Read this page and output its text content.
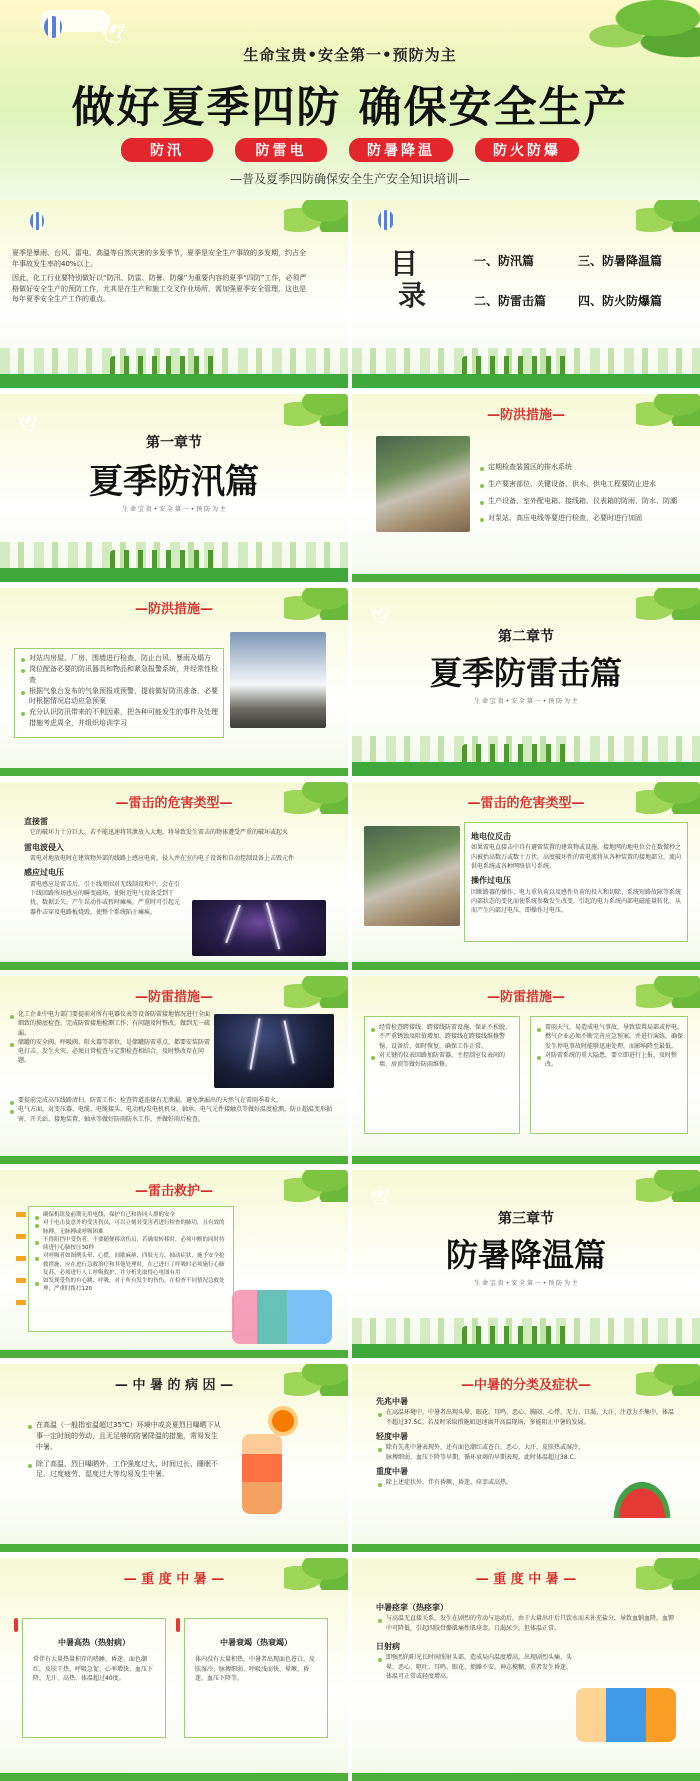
🕊
生命宝贵•安全第一•预防为主
做好夏季四防 确保安全生产
防汛	防雷电	防暑降温	防火防爆
—普及夏季四防确保安全生产安全知识培训—

夏季是暴雨、台风、雷电、高温等自然灾害的多发季节，夏季是安全生产事故的多发期，约占全年事故发生率的40%以上。

因此，化工行业要特别做好以“防汛、防雷、防暑、防爆”为重要内容的夏季“四防”工作，必须严格做好安全生产的预防工作，尤其是在生产和施工交叉作业场所，需加强夏季安全管理，这也是每年夏季安全生产工作的重点。

目
录
一、防汛篇	三、防暑降温篇
二、防雷击篇	四、防火防爆篇
🕊
第一章节
夏季防汛篇
生 命 宝 贵 • 安 全 第 一 • 预 防 为 主
—防洪措施—
定期检查装置区的排水系统
生产要害部位、关键设备、供水、供电工程要防止进水
生产设备、室外配电箱、接线箱、仪表箱的防雨、防水、防潮
对泵站、高压电线等要进行检查，必要时进行加固
—防洪措施—
对站内房屋、厂房、围墙进行检查，防止台风、暴雨及塌方
岗位配备必要的防汛器具和物品和紧急报警系统，并经常性检查
根据气象台发布的气象预报或预警，提前做好防汛准备，必要时根据情况启动应急预案
充分认识防汛带来的不利因素，把各种可能发生的事件及处理措施考虑周全，并组织培训学习
🕊
第二章节
夏季防雷击篇
生 命 宝 贵 • 安 全 第 一 • 预 防 为 主
—雷击的危害类型—
直接雷
它的破坏力十分巨大，若不能迅速将其泄放入大地，将导致发生雷击的物体遭受严重的破坏或起火
雷电波侵入
雷电对地放电时在建筑物外部的线路上感应电荷，侵入并在室内电子设备和自动控制设备上击毁元件
感应过电压
雷电感应是雷击后，引下线周围对无线制设和中，会在引下线回路所场感应的瞬变磁场，使附近电气设备受到干扰、数据丢失，产生误动作或暂时瘫痪，严重时可引起元器件击穿及电路板烧毁，使整个系统陷于瘫痪。
—雷击的危害类型—
地电位反击
如果雷电直接击中具有避雷装置的建筑物或设施，接地网的地电位会在数微秒之内被抬高数万或数十万伏，高度破坏性的雷电流将从各种装置的接地部分，流向供电系统或各种网络信号系统。
操作过电压
因断路器的操作、电力重负荷以及感性负荷的投入和切除、系统短路故障等系统内部状态的变化而使系统参数发生改变，引起的电力系统内部电磁能量转化，从而产生内部过电压，即操作过电压。
—防雷措施—
化工企业中电力部门要提前对所有电器仪表等设备防雷接地情况进行全面细致的摸底检查，完成防雷接地检测工作；有问题及时整改，做到无一疏漏。
储罐的安全阀、呼吸阀、阻火器等部位，是储罐防雷重点，都要安装防雷电打击、发生火灾，必须日常检查与定期检查相结合，及时整改存在问题。
要提前完成高压线路清扫、防雷工作；检查管道连接有无泄漏，避免泄漏出的天然气在雷雨季着火。
电气方面，对变压器、电缆、电缆接头、电动机/发电机机身、轴承、电气元件接触点等做好温度检测，防止超温变形损害、开关站、接地装置、轴承等做好防雨防水工作，并做好雨后检查。
—防雷措施—
经常检查跨接线、跨接线防雷设施，保证不松脱、不严重锈蚀及阻值增加，跨接线在跨接线维修警惕、设备后、如时恢复，确保工作正常。
对关键的仪表回路加防雷器，主控制室仪表间的墙、房顶等做好防雨维修。
雷雨天气，易造成电气事故，导致装置局部或停电，燃气企业必须不断完善应急预案，并进行演练，确保发生停电事故时能够迅速处理，而影响降至最低。
对防雷系统的重大隐患，要立即进行上报，及时整改。
—雷击救护—
确保机组及前期无用电线，保护自己和协同人群的安全
对于电击及意外的受害伤员，可以立刻对受害者进行检查的肺功，且有效的脉搏，无脉搏或呼吸困难
不得阻挡中受伤者，不要随便移动伤员，若确需转移时，必须中断的同时持续进行心肺按压30秒
对呼吸者如图例头晕、心慌、间歇麻痹、四肢无力、抽动症状，施予安全抢救措施，应在进行急救治疗和其他处理时，在已进行了呼吸时必须施行心肺复苏，必须进行人工呼吸救护，并分析先取得心电图有用
如发现受伤的有心跳、呼吸，对于所有发生的伤伤，在检查不同情况急救处理，严重时拨打120
🕊
第三章节
防暑降温篇
生 命 宝 贵 • 安 全 第 一 • 预 防 为 主
— 中 暑 的 病 因 —
在高温（一般指室温超过35℃）环境中或炎夏烈日曝晒下从事一定时间的劳动，且无足够的防暑降温的措施，常易发生中暑。
除了高温、烈日曝晒外，工作强度过大、时间过长、睡眠不足、过度疲劳、湿度过大等均易发生中暑。
—中暑的分类及症状—
先兆中暑
在高温环境中，中暑者出现头晕、眼花、耳鸣、恶心、胸闷、心悸、无力、口渴、大汗、注意力不集中，体温不超过37.5C。若及时采取措施如迅速离开高温现场，多能阻止中暑的发展。
轻度中暑
除有先兆中暑表现外，还有面色潮红或苍白、恶心、大汗、皮肤热或湿冷、脉搏细弱、血压下降等早期、循环衰竭的早期表现，此时体温超过38.C。
重度中暑
除上述症状外，伴有昏厥、昏迷、痉挛或高热。
— 重 度 中 暑 —
中暑高热（热射病）
常伴有大量热量积存的嗜睡、昏迷、面色潮红，皮肤干热、呼吸急促、心率增快、血压下降，无汗、高热、体温超过40度。
中暑衰竭（热衰竭）
体内没有大量积热，中暑者出现面色苍白、皮肤湿冷、脉搏细弱、呼吸浅而快、晕厥、昏迷、血压下降等。
— 重 度 中 暑 —
中暑痉挛（热痉挛）
与高温无直接关系，发生在剧烈的劳动与运动后，由于大量出汗后只饮水而未补充盐分，导致血钠血降，血钾中可降低，引起四肢骨骼肌痛性肌痉挛，口渴尿少，但体温正常。
日射病
即强烈的阳光长时间照射头部，造成局内温度增高。出现剧烈头痛、头晕、恶心、呕吐、耳鸣、眼花、烦躁不安，神志模糊，重者发生昏迷，体温可正常或轻度增高。
